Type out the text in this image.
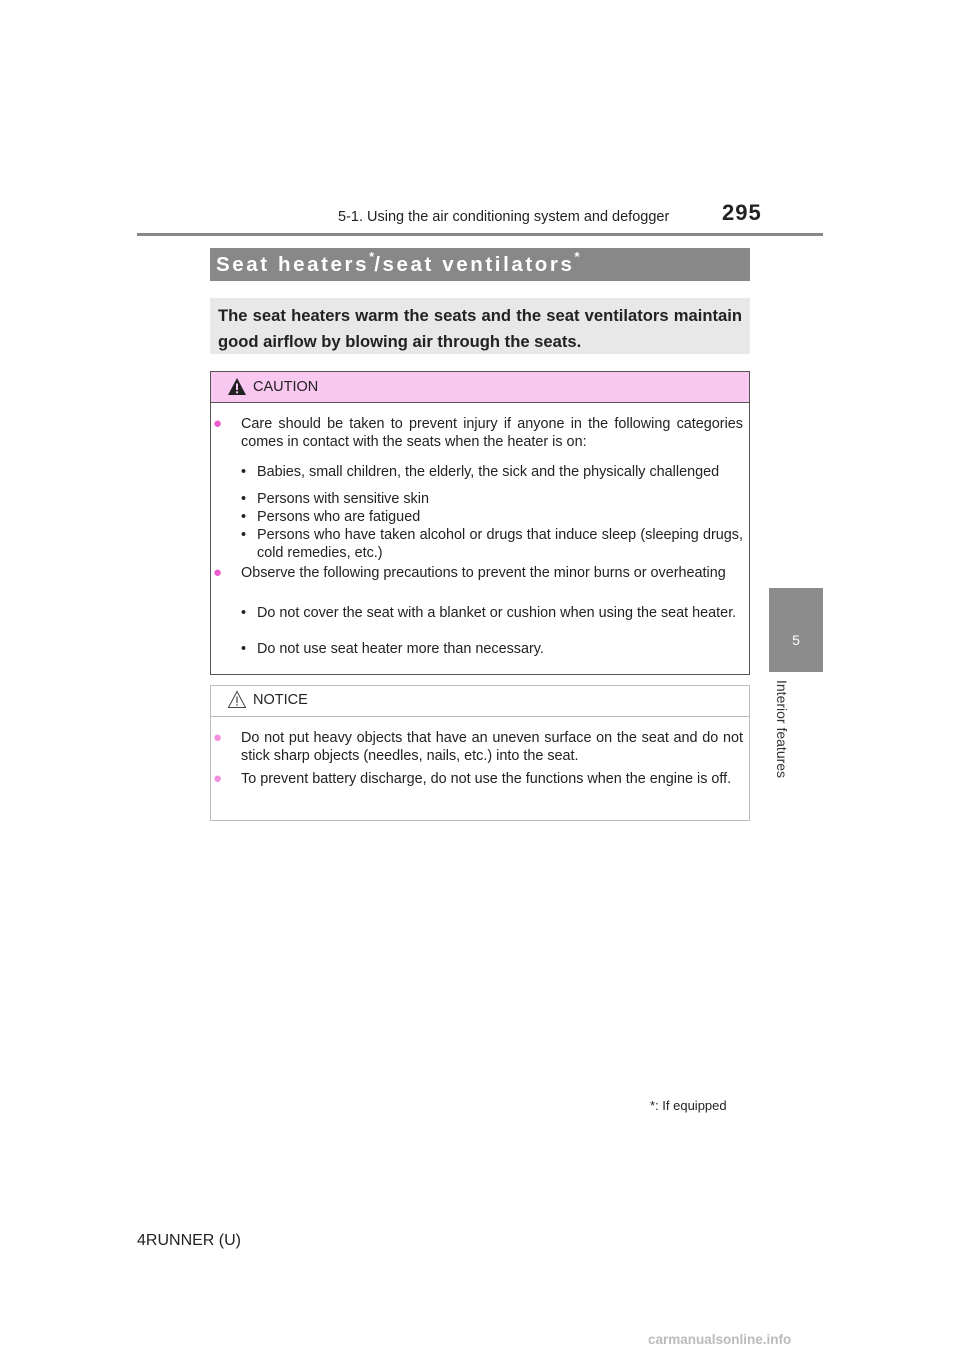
5-1. Using the air conditioning system and defogger 295
5
Interior features
Seat heaters*/seat ventilators*

The seat heaters warm the seats and the seat ventilators maintain good airflow by blowing air through the seats.

CAUTION
● Care should be taken to prevent injury if anyone in the following categories comes in contact with the seats when the heater is on:
• Babies, small children, the elderly, the sick and the physically challenged
• Persons with sensitive skin
• Persons who are fatigued
• Persons who have taken alcohol or drugs that induce sleep (sleeping drugs, cold remedies, etc.)
● Observe the following precautions to prevent the minor burns or overheating
• Do not cover the seat with a blanket or cushion when using the seat heater.
• Do not use seat heater more than necessary.
NOTICE
● Do not put heavy objects that have an uneven surface on the seat and do not stick sharp objects (needles, nails, etc.) into the seat.
● To prevent battery discharge, do not use the functions when the engine is off.
*: If equipped
4RUNNER (U)
carmanualsonline.info
